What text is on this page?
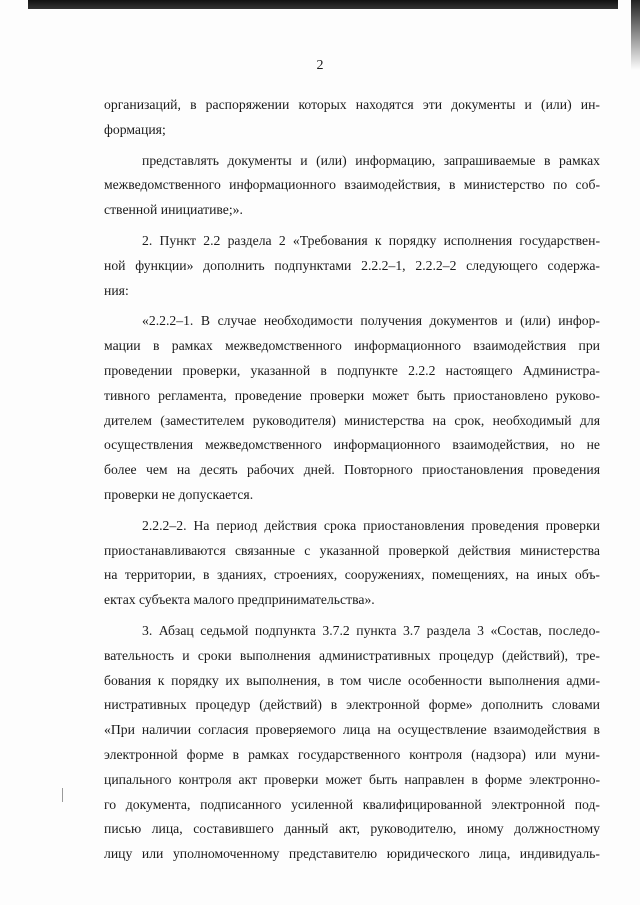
2
организаций, в распоряжении которых находятся эти документы и (или) ин-
формация;
представлять документы и (или) информацию, запрашиваемые в рамках
межведомственного информационного взаимодействия, в министерство по соб-
ственной инициативе;».
2. Пункт 2.2 раздела 2 «Требования к порядку исполнения государствен-
ной функции» дополнить подпунктами 2.2.2–1, 2.2.2–2 следующего содержа-
ния:
«2.2.2–1. В случае необходимости получения документов и (или) инфор-
мации в рамках межведомственного информационного взаимодействия при
проведении проверки, указанной в подпункте 2.2.2 настоящего Администра-
тивного регламента, проведение проверки может быть приостановлено руково-
дителем (заместителем руководителя) министерства на срок, необходимый для
осуществления межведомственного информационного взаимодействия, но не
более чем на десять рабочих дней. Повторного приостановления проведения
проверки не допускается.
2.2.2–2. На период действия срока приостановления проведения проверки
приостанавливаются связанные с указанной проверкой действия министерства
на территории, в зданиях, строениях, сооружениях, помещениях, на иных объ-
ектах субъекта малого предпринимательства».
3. Абзац седьмой подпункта 3.7.2 пункта 3.7 раздела 3 «Состав, последо-
вательность и сроки выполнения административных процедур (действий), тре-
бования к порядку их выполнения, в том числе особенности выполнения адми-
нистративных процедур (действий) в электронной форме» дополнить словами
«При наличии согласия проверяемого лица на осуществление взаимодействия в
электронной форме в рамках государственного контроля (надзора) или муни-
ципального контроля акт проверки может быть направлен в форме электронно-
го документа, подписанного усиленной квалифицированной электронной под-
писью лица, составившего данный акт, руководителю, иному должностному
лицу или уполномоченному представителю юридического лица, индивидуаль-
